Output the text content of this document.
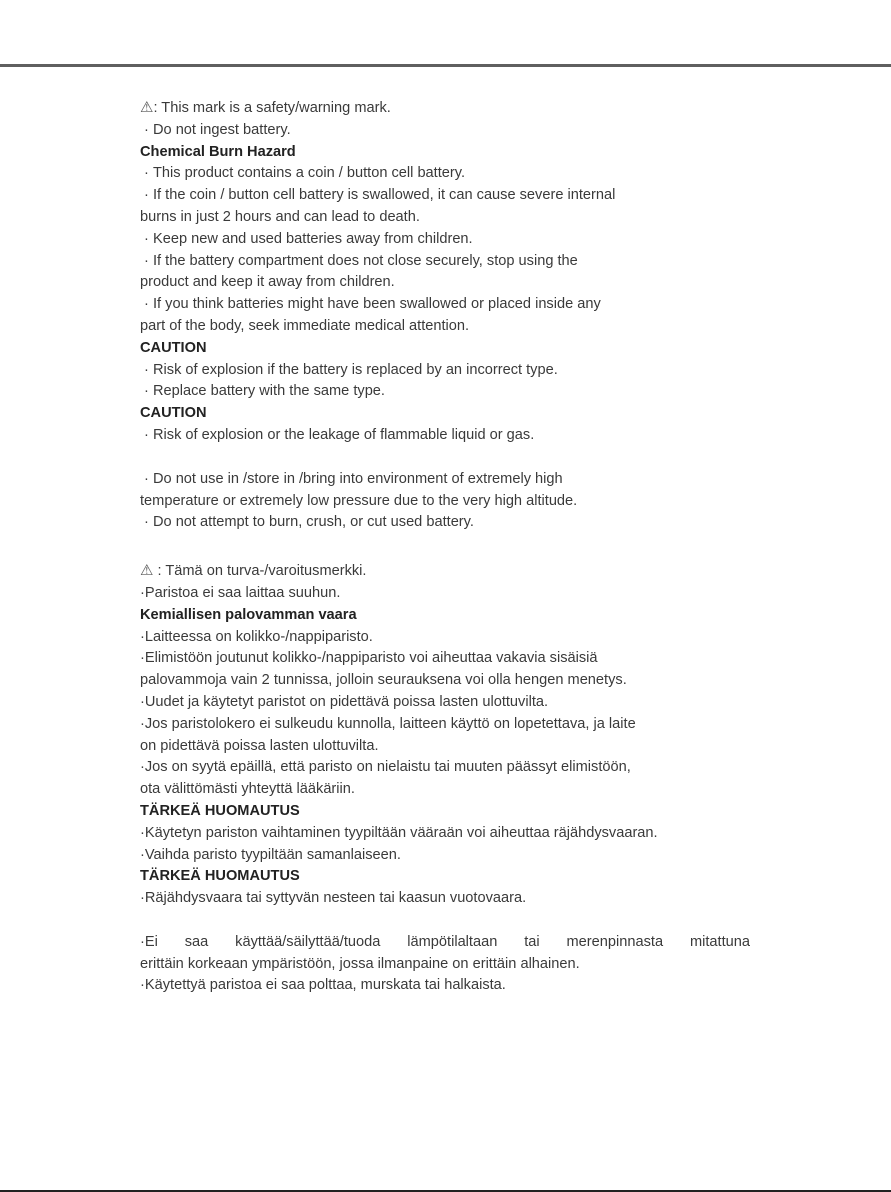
⚠: This mark is a safety/warning mark.
· Do not ingest battery.
Chemical Burn Hazard
· This product contains a coin / button cell battery.
· If the coin / button cell battery is swallowed, it can cause severe internal
burns in just 2 hours and can lead to death.
· Keep new and used batteries away from children.
· If the battery compartment does not close securely, stop using the
product and keep it away from children.
· If you think batteries might have been swallowed or placed inside any
part of the body, seek immediate medical attention.
CAUTION
· Risk of explosion if the battery is replaced by an incorrect type.
· Replace battery with the same type.
CAUTION
· Risk of explosion or the leakage of flammable liquid or gas.
· Do not use in /store in /bring into environment of extremely high
temperature or extremely low pressure due to the very high altitude.
· Do not attempt to burn, crush, or cut used battery.
⚠ : Tämä on turva-/varoitusmerkki.
· Paristoa ei saa laittaa suuhun.
Kemiallisen palovamman vaara
· Laitteessa on kolikko-/nappiparisto.
· Elimistöön joutunut kolikko-/nappiparisto voi aiheuttaa vakavia sisäisiä
palovammoja vain 2 tunnissa, jolloin seurauksena voi olla hengen menetys.
· Uudet ja käytetyt paristot on pidettävä poissa lasten ulottuvilta.
· Jos paristolokero ei sulkeudu kunnolla, laitteen käyttö on lopetettava, ja laite
on pidettävä poissa lasten ulottuvilta.
· Jos on syytä epäillä, että paristo on nielaistu tai muuten päässyt elimistöön,
ota välittömästi yhteyttä lääkäriin.
TÄRKEÄ HUOMAUTUS
· Käytetyn pariston vaihtaminen tyypiltään vääraän voi aiheuttaa räjähdysvaaran.
· Vaihda paristo tyypiltään samanlaiseen.
TÄRKEÄ HUOMAUTUS
· Räjähdysvaara tai syttyvän nesteen tai kaasun vuotovaara.
· Ei saa käyttää/säilyttää/tuoda lämpötilaltaan tai merenpinnasta mitattuna
erittäin korkeaan ympäristöön, jossa ilmanpaine on erittäin alhainen.
· Käytettyä paristoa ei saa polttaa, murskata tai halkaista.
